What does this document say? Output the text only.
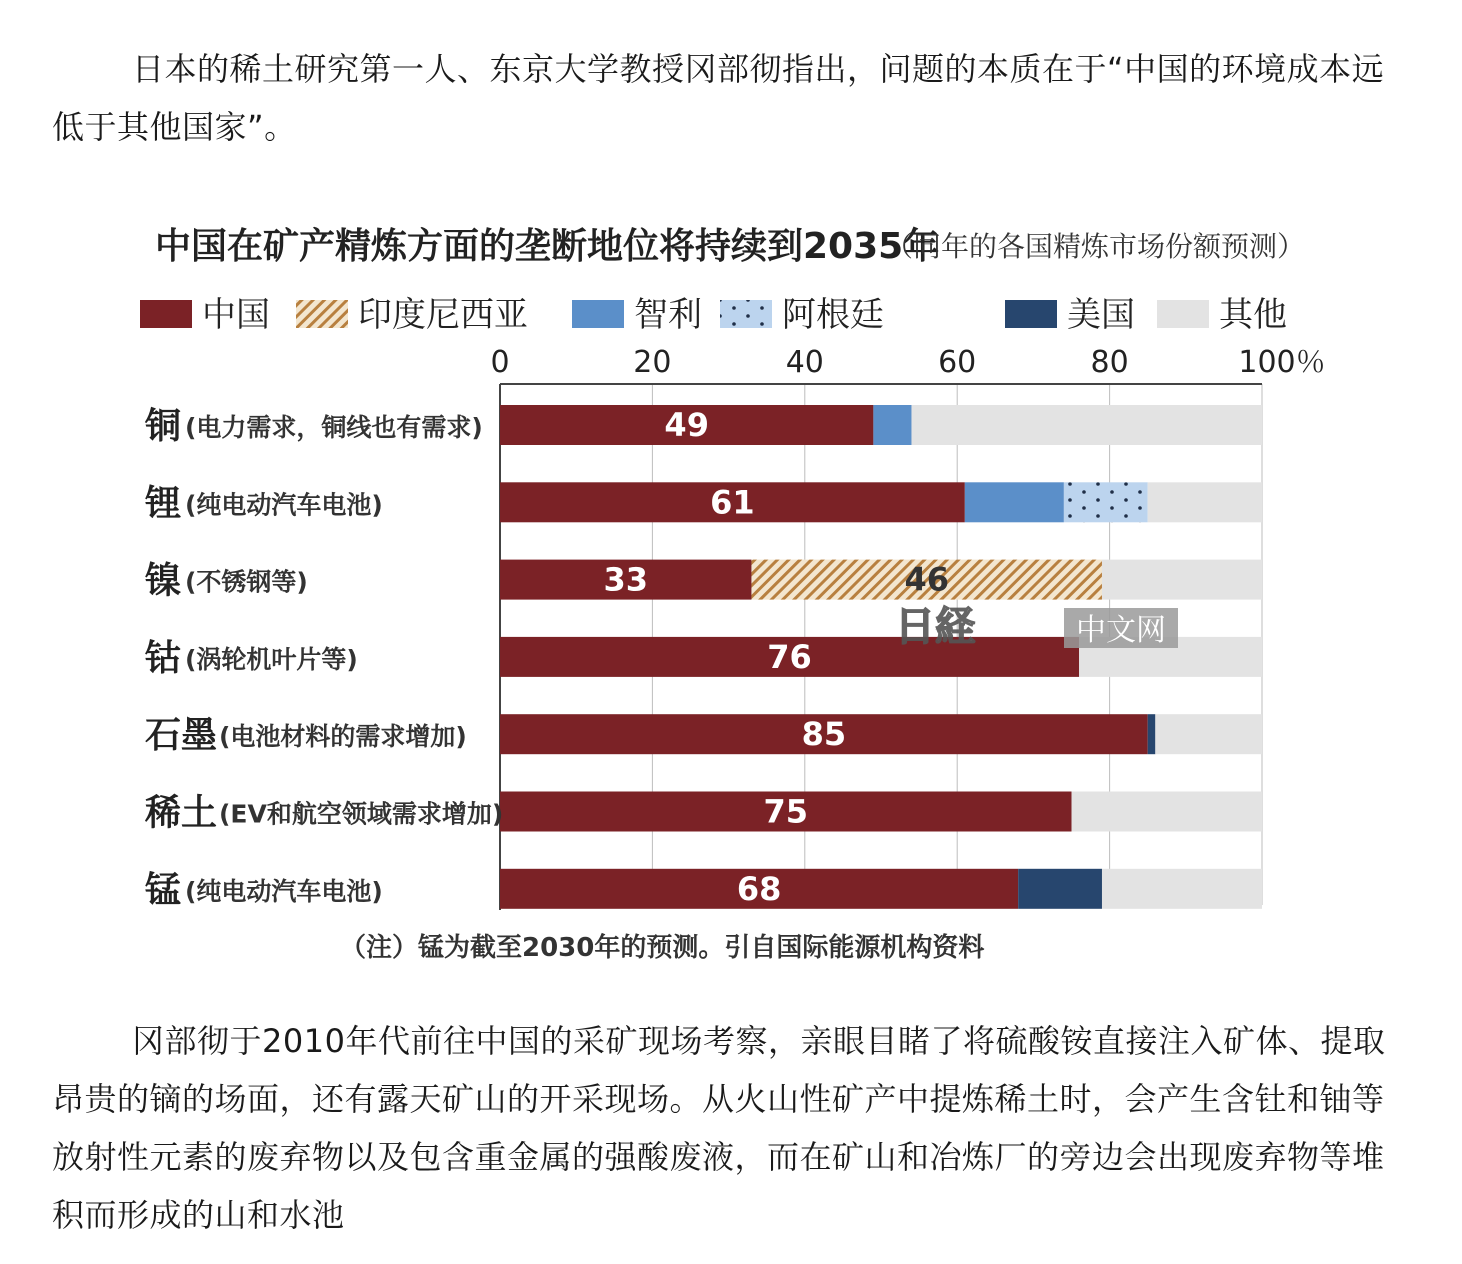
日本的稀土研究第一人、东京大学教授冈部彻指出，问题的本质在于“中国的环境成本远低于其他国家”。

中国在矿产精炼方面的垄断地位将持续到2035年
（同年的各国精炼市场份额预测）
中国	印度尼西亚	智利 阿根廷	美国 其他
0	20	40	60	80	100％
49
61
33	46
76
85
75
68
铜 (电力需求，铜线也有需求)
锂 (纯电动汽车电池)
镍 (不锈钢等)
钴 (涡轮机叶片等)
石墨 (电池材料的需求增加)
稀土 (EV和航空领域需求增加)
锰 (纯电动汽车电池)
日経	中文网
（注）锰为截至2030年的预测。引自国际能源机构资料

冈部彻于2010年代前往中国的采矿现场考察，亲眼目睹了将硫酸铵直接注入矿体、提取昂贵的镝的场面，还有露天矿山的开采现场。从火山性矿产中提炼稀土时，会产生含钍和铀等放射性元素的废弃物以及包含重金属的强酸废液，而在矿山和冶炼厂的旁边会出现废弃物等堆积而形成的山和水池
